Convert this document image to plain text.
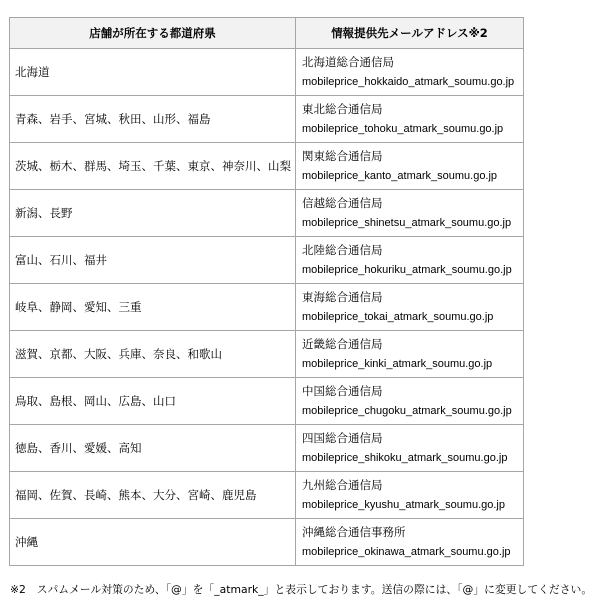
店舗が所在する都道府県	情報提供先メールアドレス※2
北海道	北海道総合通信局
mobileprice_hokkaido_atmark_soumu.go.jp

青森、岩手、宮城、秋田、山形、福島	東北総合通信局
mobileprice_tohoku_atmark_soumu.go.jp

茨城、栃木、群馬、埼玉、千葉、東京、神奈川、山梨	関東総合通信局
mobileprice_kanto_atmark_soumu.go.jp

新潟、長野	信越総合通信局
mobileprice_shinetsu_atmark_soumu.go.jp

富山、石川、福井	北陸総合通信局
mobileprice_hokuriku_atmark_soumu.go.jp

岐阜、静岡、愛知、三重	東海総合通信局
mobileprice_tokai_atmark_soumu.go.jp

滋賀、京都、大阪、兵庫、奈良、和歌山	近畿総合通信局
mobileprice_kinki_atmark_soumu.go.jp

鳥取、島根、岡山、広島、山口	中国総合通信局
mobileprice_chugoku_atmark_soumu.go.jp

徳島、香川、愛媛、高知	四国総合通信局
mobileprice_shikoku_atmark_soumu.go.jp

福岡、佐賀、長崎、熊本、大分、宮崎、鹿児島	九州総合通信局
mobileprice_kyushu_atmark_soumu.go.jp

沖縄	沖縄総合通信事務所
mobileprice_okinawa_atmark_soumu.go.jp
※2　スパムメール対策のため、「@」を「_atmark_」と表示しております。送信の際には、「@」に変更してください。
